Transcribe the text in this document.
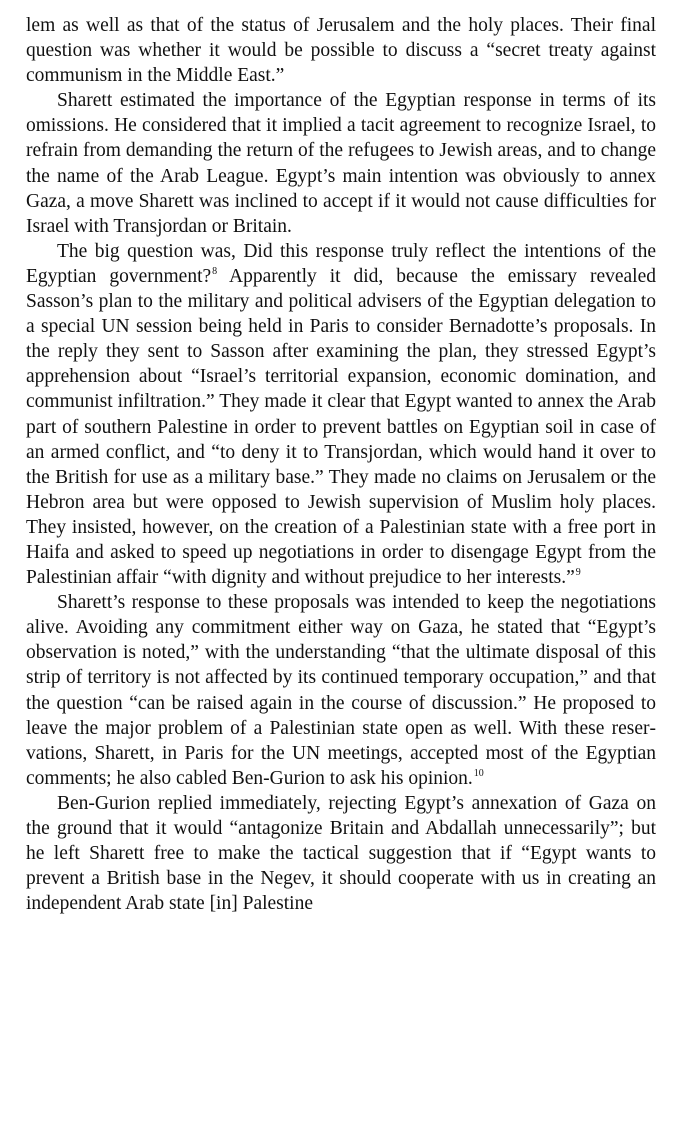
lem as well as that of the status of Jerusalem and the holy places. Their final question was whether it would be possible to discuss a “secret treaty against communism in the Middle East.”

Sharett estimated the importance of the Egyptian response in terms of its omissions. He considered that it implied a tacit agreement to recognize Israel, to refrain from demanding the return of the refugees to Jewish areas, and to change the name of the Arab League. Egypt’s main intention was obviously to annex Gaza, a move Sharett was inclined to accept if it would not cause difficulties for Israel with Transjordan or Britain.

The big question was, Did this response truly reflect the intentions of the Egyptian government?$^8$ Apparently it did, because the emissary revealed Sasson’s plan to the military and political advisers of the Egyptian delegation to a special UN session being held in Paris to consider Bernadotte’s proposals. In the reply they sent to Sasson after examining the plan, they stressed Egypt’s apprehension about “Israel’s territorial expansion, economic domination, and communist infiltration.” They made it clear that Egypt wanted to annex the Arab part of southern Palestine in order to prevent battles on Egyptian soil in case of an armed conflict, and “to deny it to Transjordan, which would hand it over to the British for use as a military base.” They made no claims on Jerusalem or the Hebron area but were opposed to Jewish supervision of Muslim holy places. They insisted, however, on the creation of a Palestinian state with a free port in Haifa and asked to speed up negotiations in order to disengage Egypt from the Palestinian affair “with dignity and without prejudice to her interests.”$^9$

Sharett’s response to these proposals was intended to keep the negotiations alive. Avoiding any commitment either way on Gaza, he stated that “Egypt’s observation is noted,” with the understanding “that the ultimate disposal of this strip of territory is not affected by its continued temporary occupation,” and that the question “can be raised again in the course of discussion.” He proposed to leave the major problem of a Palestinian state open as well. With these reservations, Sharett, in Paris for the UN meetings, accepted most of the Egyptian comments; he also cabled Ben-Gurion to ask his opinion.$^{10}$

Ben-Gurion replied immediately, rejecting Egypt’s annexation of Gaza on the ground that it would “antagonize Britain and Abdallah unnecessarily”; but he left Sharett free to make the tactical suggestion that if “Egypt wants to prevent a British base in the Negev, it should cooperate with us in creating an independent Arab state [in] Palestine
